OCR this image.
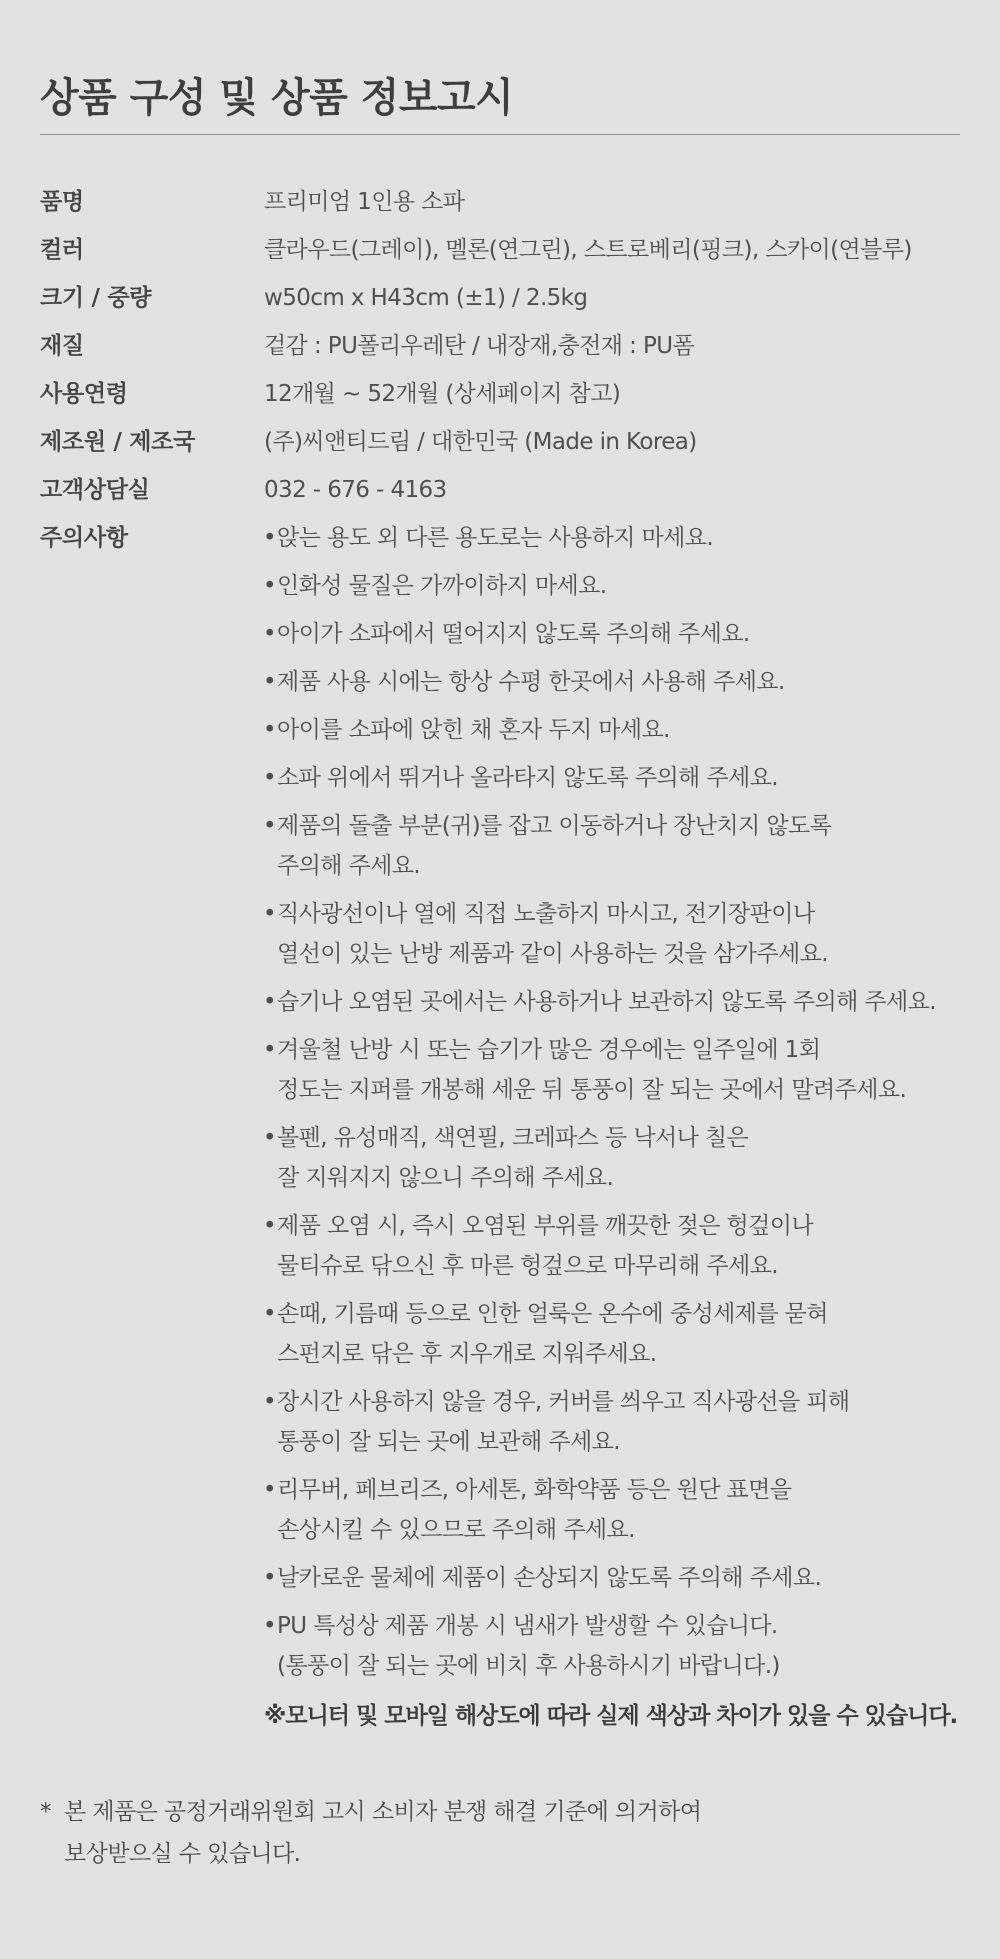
상품 구성 및 상품 정보고시
품명	프리미엄 1인용 소파
컬러	클라우드(그레이), 멜론(연그린), 스트로베리(핑크), 스카이(연블루)
크기 / 중량	w50cm x H43cm (±1) / 2.5kg
재질	겉감 : PU폴리우레탄 / 내장재,충전재 : PU폼
사용연령	12개월 ~ 52개월 (상세페이지 참고)
제조원 / 제조국	(주)씨앤티드림 / 대한민국 (Made in Korea)
고객상담실	032 - 676 - 4163
주의사항
•	앉는 용도 외 다른 용도로는 사용하지 마세요.
• 인화성 물질은 가까이하지 마세요.
• 아이가 소파에서 떨어지지 않도록 주의해 주세요.
• 제품 사용 시에는 항상 수평 한곳에서 사용해 주세요.
• 아이를 소파에 앉힌 채 혼자 두지 마세요.
• 소파 위에서 뛰거나 올라타지 않도록 주의해 주세요.
• 제품의 돌출 부분(귀)를 잡고 이동하거나 장난치지 않도록
주의해 주세요.
• 직사광선이나 열에 직접 노출하지 마시고, 전기장판이나
열선이 있는 난방 제품과 같이 사용하는 것을 삼가주세요.
• 습기나 오염된 곳에서는 사용하거나 보관하지 않도록 주의해 주세요.
• 겨울철 난방 시 또는 습기가 많은 경우에는 일주일에 1회
정도는 지퍼를 개봉해 세운 뒤 통풍이 잘 되는 곳에서 말려주세요.
• 볼펜, 유성매직, 색연필, 크레파스 등 낙서나 칠은
잘 지워지지 않으니 주의해 주세요.
• 제품 오염 시, 즉시 오염된 부위를 깨끗한 젖은 헝겊이나
물티슈로 닦으신 후 마른 헝겊으로 마무리해 주세요.
• 손때, 기름때 등으로 인한 얼룩은 온수에 중성세제를 묻혀
스펀지로 닦은 후 지우개로 지워주세요.
• 장시간 사용하지 않을 경우, 커버를 씌우고 직사광선을 피해
통풍이 잘 되는 곳에 보관해 주세요.
• 리무버, 페브리즈, 아세톤, 화학약품 등은 원단 표면을
손상시킬 수 있으므로 주의해 주세요.
• 날카로운 물체에 제품이 손상되지 않도록 주의해 주세요.
• PU 특성상 제품 개봉 시 냄새가 발생할 수 있습니다.
(통풍이 잘 되는 곳에 비치 후 사용하시기 바랍니다.)
※모니터 및 모바일 해상도에 따라 실제 색상과 차이가 있을 수 있습니다.
* 본 제품은 공정거래위원회 고시 소비자 분쟁 해결 기준에 의거하여
보상받으실 수 있습니다.
